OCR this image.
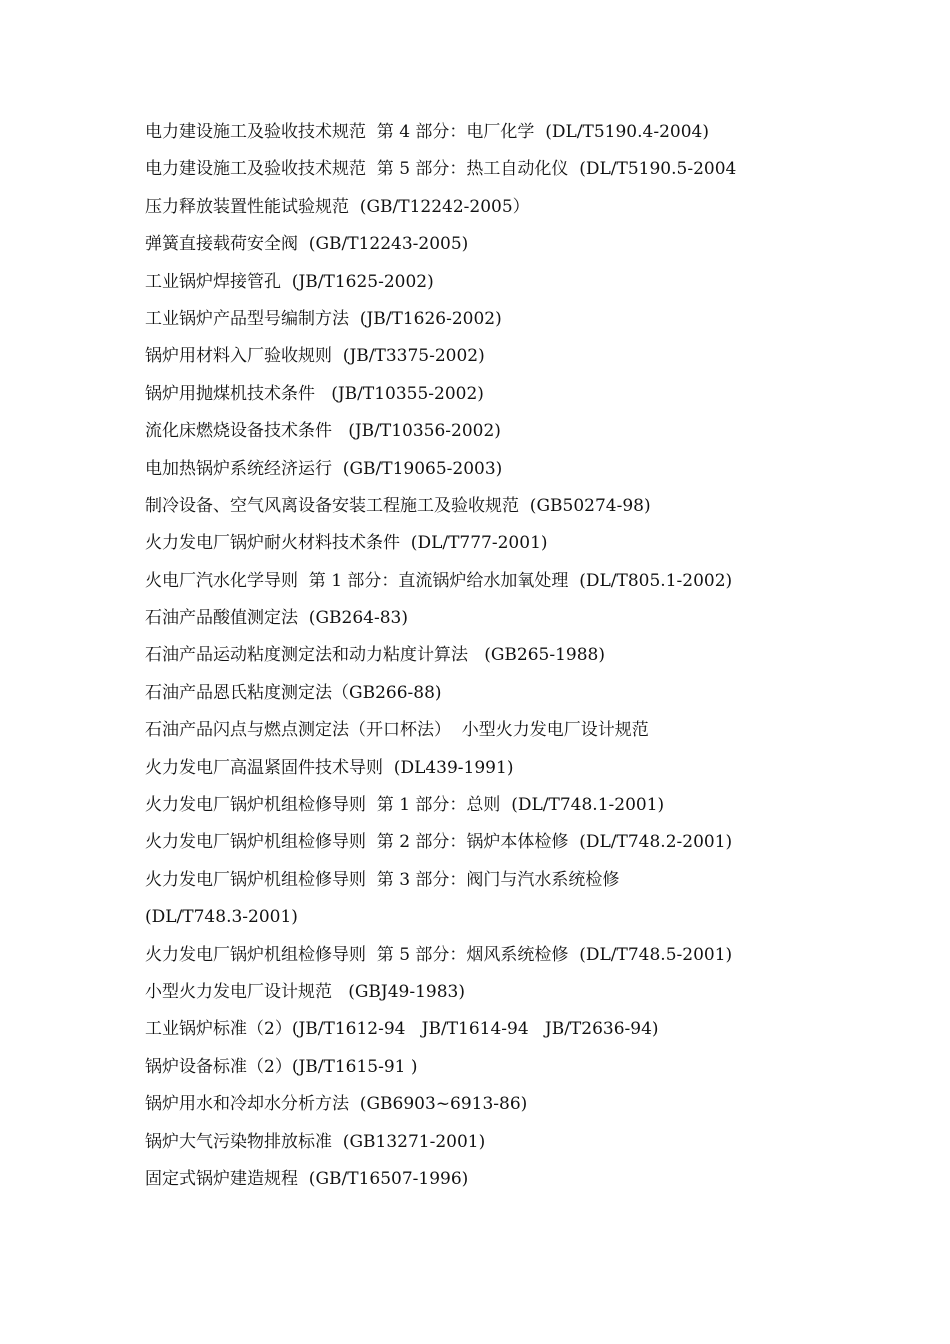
电力建设施工及验收技术规范  第 4 部分：电厂化学  (DL/T5190.4-2004)
电力建设施工及验收技术规范  第 5 部分：热工自动化仪  (DL/T5190.5-2004
压力释放装置性能试验规范  (GB/T12242-2005）
弹簧直接载荷安全阀  (GB/T12243-2005)
工业锅炉焊接管孔  (JB/T1625-2002)
工业锅炉产品型号编制方法  (JB/T1626-2002)
锅炉用材料入厂验收规则  (JB/T3375-2002)
锅炉用抛煤机技术条件   (JB/T10355-2002)
流化床燃烧设备技术条件   (JB/T10356-2002)
电加热锅炉系统经济运行  (GB/T19065-2003)
制冷设备、空气风离设备安装工程施工及验收规范  (GB50274-98)
火力发电厂锅炉耐火材料技术条件  (DL/T777-2001)
火电厂汽水化学导则  第 1 部分：直流锅炉给水加氧处理  (DL/T805.1-2002)
石油产品酸值测定法  (GB264-83)
石油产品运动粘度测定法和动力粘度计算法   (GB265-1988)
石油产品恩氏粘度测定法（GB266-88)
石油产品闪点与燃点测定法（开口杯法）  小型火力发电厂设计规范
火力发电厂高温紧固件技术导则  (DL439-1991)
火力发电厂锅炉机组检修导则  第 1 部分：总则  (DL/T748.1-2001)
火力发电厂锅炉机组检修导则  第 2 部分：锅炉本体检修  (DL/T748.2-2001)
火力发电厂锅炉机组检修导则  第 3 部分：阀门与汽水系统检修
(DL/T748.3-2001)
火力发电厂锅炉机组检修导则  第 5 部分：烟风系统检修  (DL/T748.5-2001)
小型火力发电厂设计规范   (GBJ49-1983)
工业锅炉标准（2）(JB/T1612-94   JB/T1614-94   JB/T2636-94)
锅炉设备标准（2）(JB/T1615-91 )
锅炉用水和冷却水分析方法  (GB6903~6913-86)
锅炉大气污染物排放标准  (GB13271-2001)
固定式锅炉建造规程  (GB/T16507-1996)
